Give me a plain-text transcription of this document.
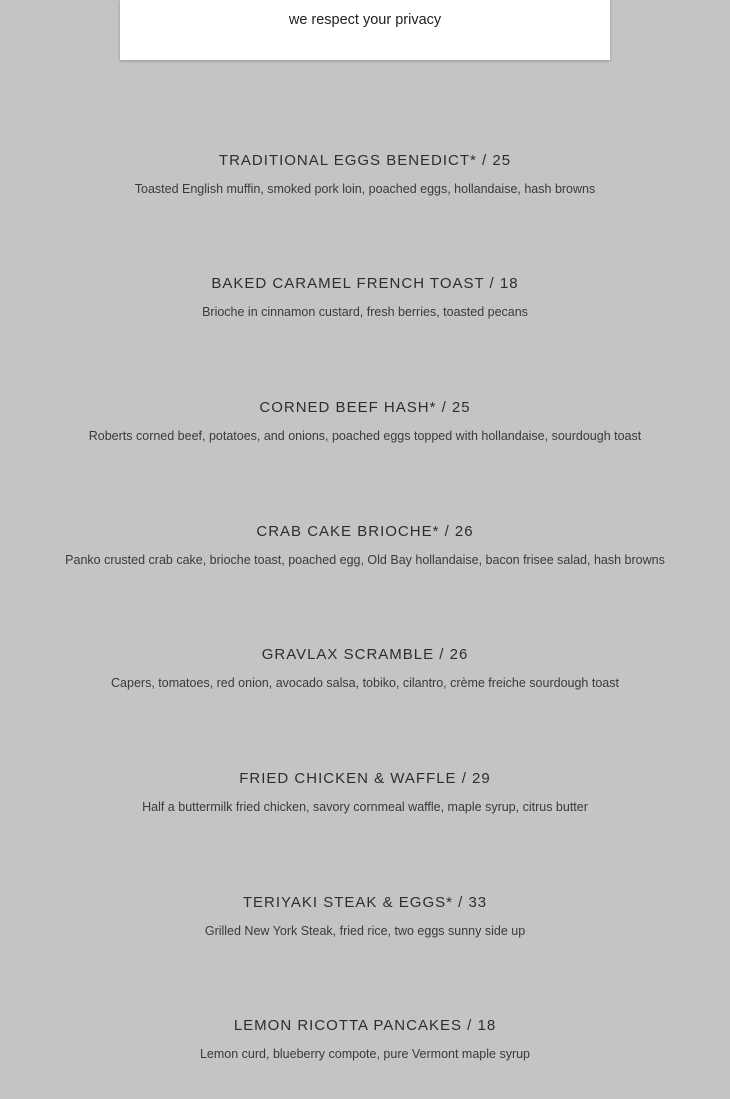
TRADITIONAL EGGS BENEDICT* / 25
Toasted English muffin, smoked pork loin, poached eggs, hollandaise, hash browns
BAKED CARAMEL FRENCH TOAST / 18
Brioche in cinnamon custard, fresh berries, toasted pecans
CORNED BEEF HASH* / 25
Roberts corned beef, potatoes, and onions, poached eggs topped with hollandaise, sourdough toast
CRAB CAKE BRIOCHE* / 26
Panko crusted crab cake, brioche toast, poached egg, Old Bay hollandaise, bacon frisee salad, hash browns
GRAVLAX SCRAMBLE / 26
Capers, tomatoes, red onion, avocado salsa, tobiko, cilantro, crème freiche sourdough toast
FRIED CHICKEN & WAFFLE / 29
Half a buttermilk fried chicken, savory cornmeal waffle, maple syrup, citrus butter
TERIYAKI STEAK & EGGS* / 33
Grilled New York Steak, fried rice, two eggs sunny side up
LEMON RICOTTA PANCAKES / 18
Lemon curd, blueberry compote, pure Vermont maple syrup
we respect your privacy
